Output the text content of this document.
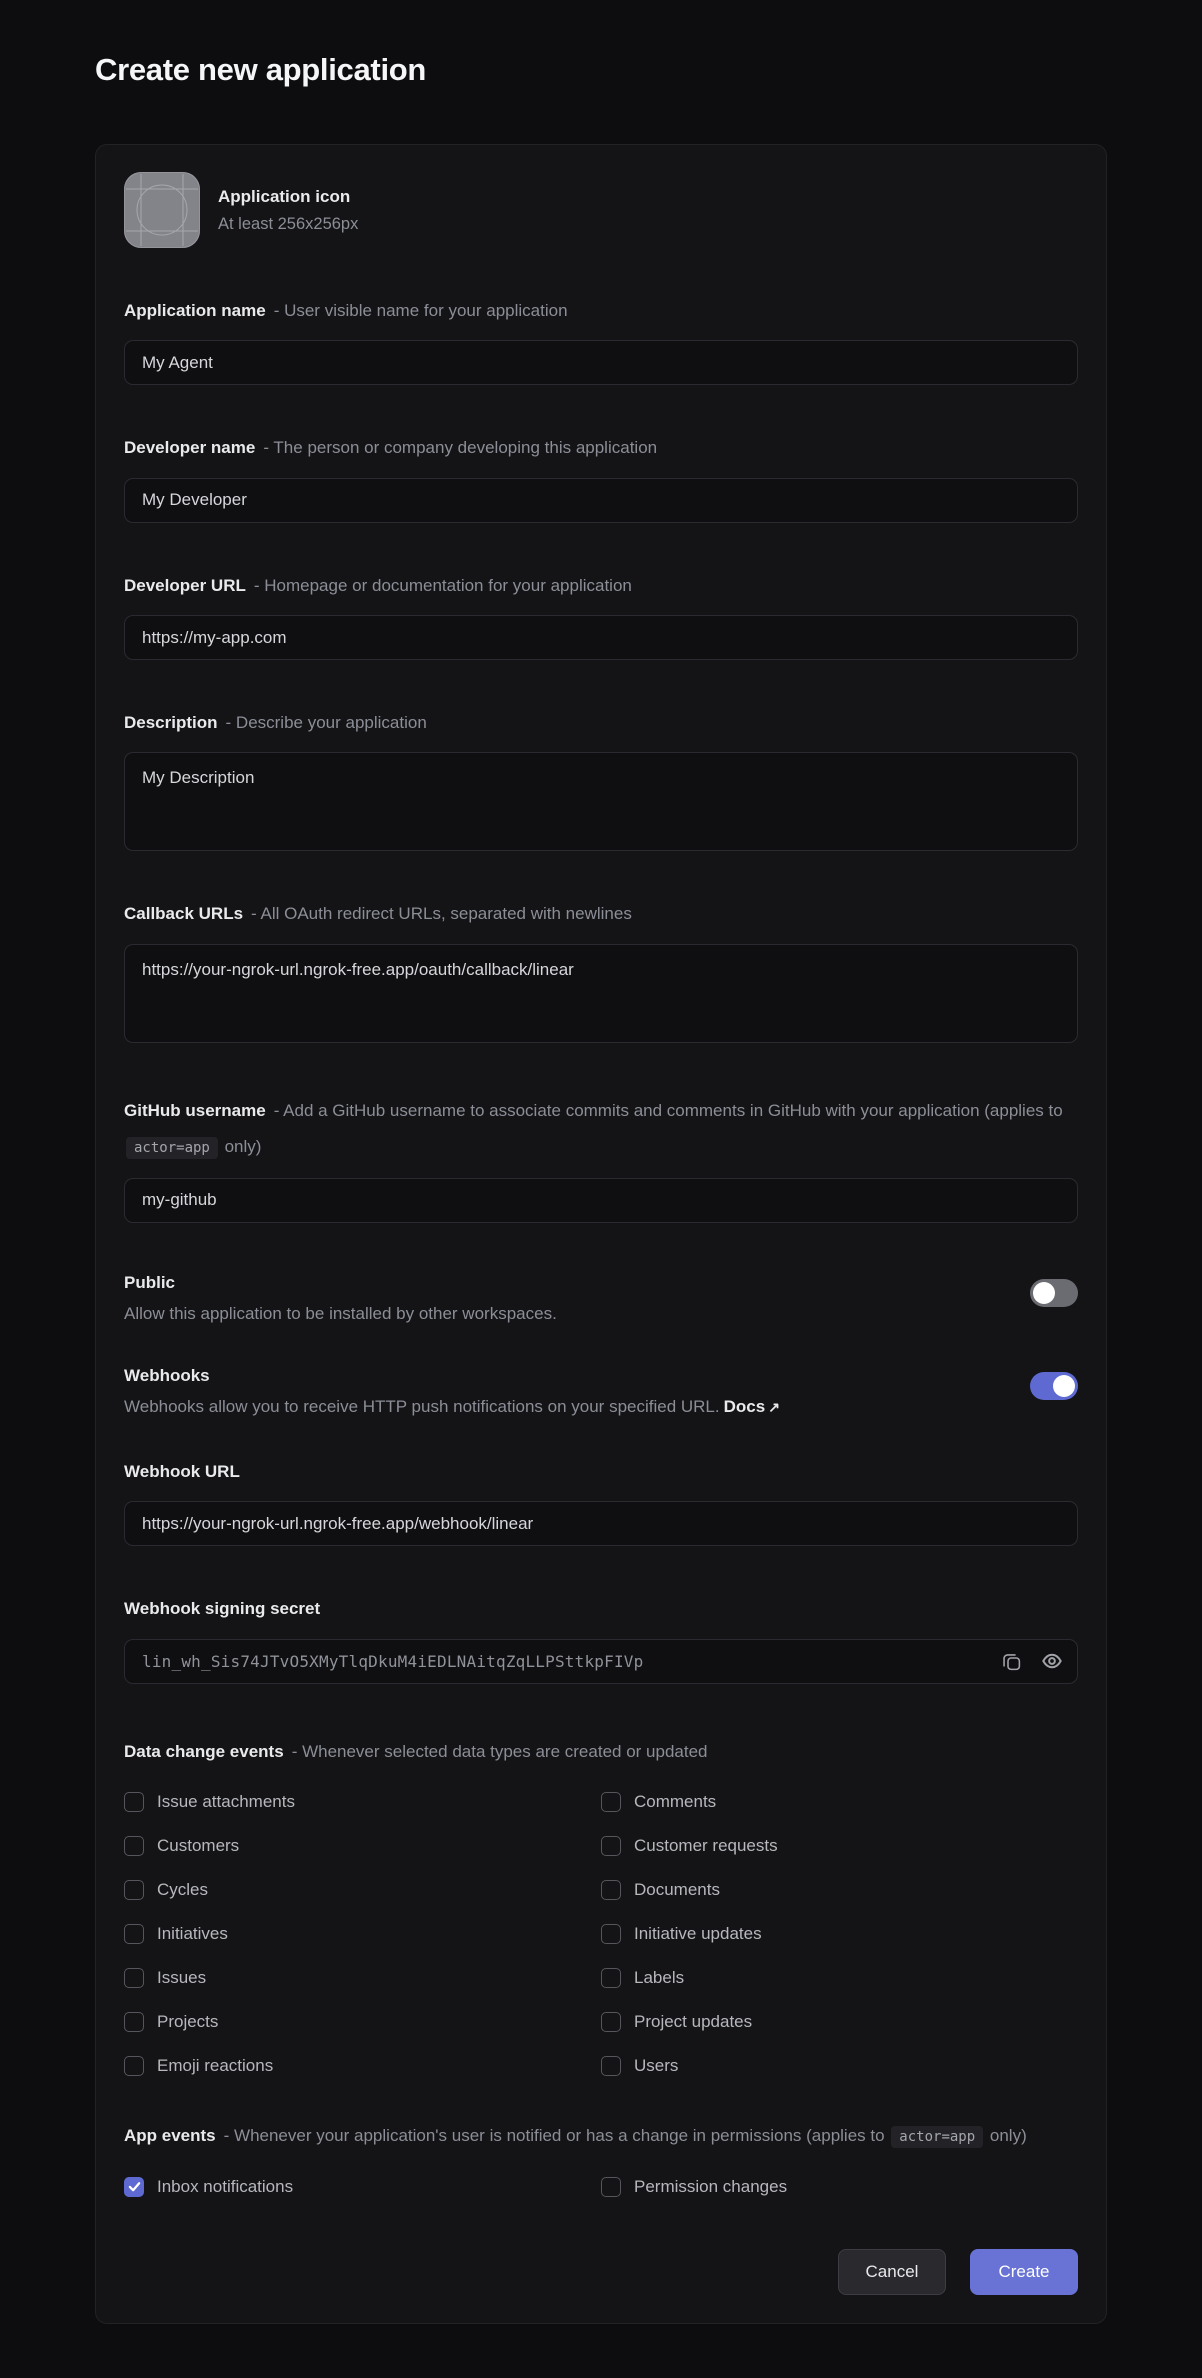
Create new application
Application icon
At least 256x256px
Application name - User visible name for your application
My Agent
Developer name - The person or company developing this application
My Developer
Developer URL - Homepage or documentation for your application
https://my-app.com
Description - Describe your application
My Description
Callback URLs - All OAuth redirect URLs, separated with newlines
https://your-ngrok-url.ngrok-free.app/oauth/callback/linear
GitHub username - Add a GitHub username to associate commits and comments in GitHub with your application (applies to actor=app only)
my-github
Public
Allow this application to be installed by other workspaces.
Webhooks
Webhooks allow you to receive HTTP push notifications on your specified URL. Docs ↗
Webhook URL
https://your-ngrok-url.ngrok-free.app/webhook/linear
Webhook signing secret
lin_wh_Sis74JTvO5XMyTlqDkuM4iEDLNAitqZqLLPSttkpFIVp
Data change events - Whenever selected data types are created or updated
Issue attachments	Comments
Customers	Customer requests
Cycles	Documents
Initiatives	Initiative updates
Issues	Labels
Projects	Project updates
Emoji reactions	Users
App events - Whenever your application's user is notified or has a change in permissions (applies to actor=app only)
Inbox notifications	Permission changes
Cancel	Create
